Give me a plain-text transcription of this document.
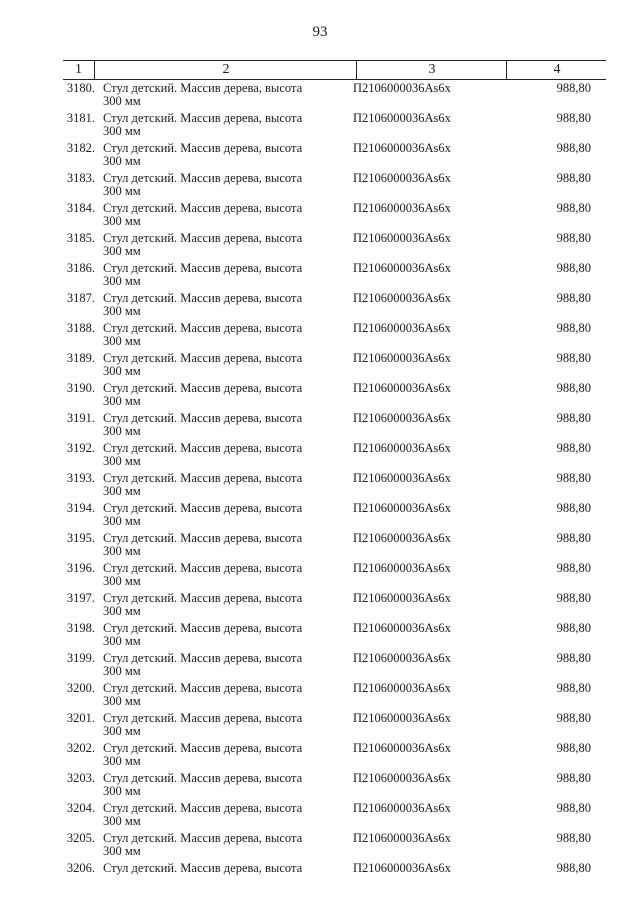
93
1	2	3	4
3180. Стул детский. Массив дерева, высота
300 мм
П2106000036Аs6x	988,80
3181. Стул детский. Массив дерева, высота
300 мм
П2106000036Аs6x	988,80
3182. Стул детский. Массив дерева, высота
300 мм
П2106000036Аs6x	988,80
3183. Стул детский. Массив дерева, высота
300 мм
П2106000036Аs6x	988,80
3184. Стул детский. Массив дерева, высота
300 мм
П2106000036Аs6x	988,80
3185. Стул детский. Массив дерева, высота
300 мм
П2106000036Аs6x	988,80
3186. Стул детский. Массив дерева, высота
300 мм
П2106000036Аs6x	988,80
3187. Стул детский. Массив дерева, высота
300 мм
П2106000036Аs6x	988,80
3188. Стул детский. Массив дерева, высота
300 мм
П2106000036Аs6x	988,80
3189. Стул детский. Массив дерева, высота
300 мм
П2106000036Аs6x	988,80
3190. Стул детский. Массив дерева, высота
300 мм
П2106000036Аs6x	988,80
3191. Стул детский. Массив дерева, высота
300 мм
П2106000036Аs6x	988,80
3192. Стул детский. Массив дерева, высота
300 мм
П2106000036Аs6x	988,80
3193. Стул детский. Массив дерева, высота
300 мм
П2106000036Аs6x	988,80
3194. Стул детский. Массив дерева, высота
300 мм
П2106000036Аs6x	988,80
3195. Стул детский. Массив дерева, высота
300 мм
П2106000036Аs6x	988,80
3196. Стул детский. Массив дерева, высота
300 мм
П2106000036Аs6x	988,80
3197. Стул детский. Массив дерева, высота
300 мм
П2106000036Аs6x	988,80
3198. Стул детский. Массив дерева, высота
300 мм
П2106000036Аs6x	988,80
3199. Стул детский. Массив дерева, высота
300 мм
П2106000036Аs6x	988,80
3200. Стул детский. Массив дерева, высота
300 мм
П2106000036Аs6x	988,80
3201. Стул детский. Массив дерева, высота
300 мм
П2106000036Аs6x	988,80
3202. Стул детский. Массив дерева, высота
300 мм
П2106000036Аs6x	988,80
3203. Стул детский. Массив дерева, высота
300 мм
П2106000036Аs6x	988,80
3204. Стул детский. Массив дерева, высота
300 мм
П2106000036Аs6x	988,80
3205. Стул детский. Массив дерева, высота
300 мм
П2106000036Аs6x	988,80
3206. Стул детский. Массив дерева, высота	П2106000036Аs6x	988,80
